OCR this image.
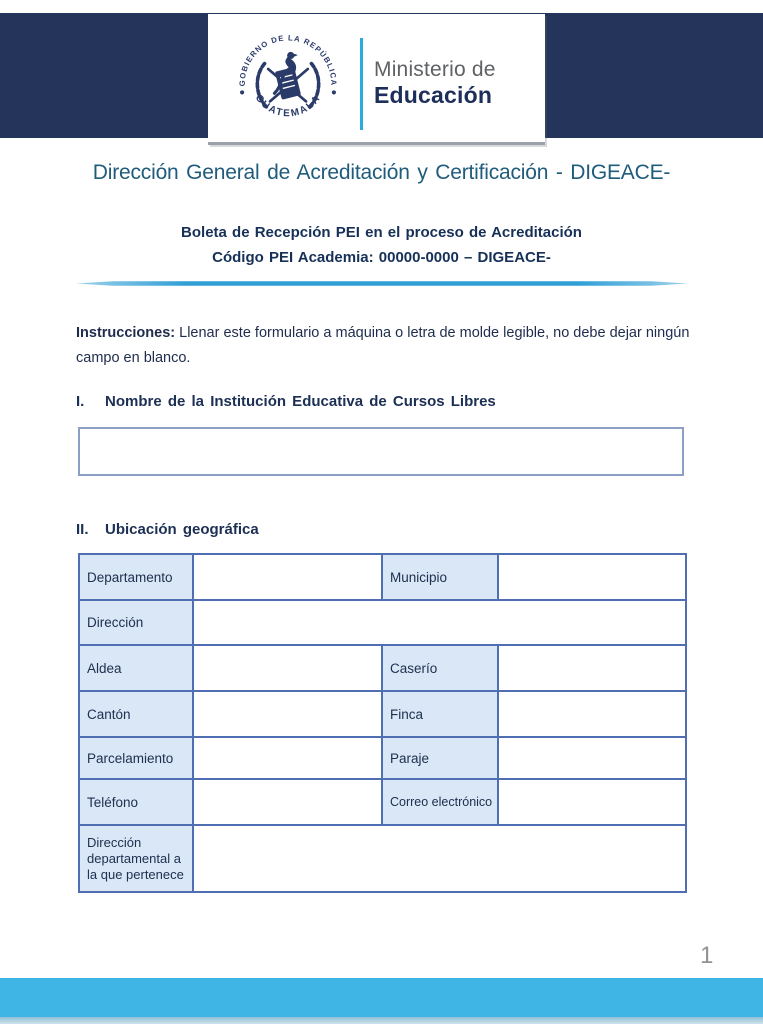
GOBIERNO DE LA REPÚBLICA
GUATEMALA
Ministerio de
Educación
Dirección General de Acreditación y Certificación - DIGEACE-
Boleta de Recepción PEI en el proceso de Acreditación
Código PEI Academia: 00000-0000 – DIGEACE-

Instrucciones: Llenar este formulario a máquina o letra de molde legible, no debe dejar ningún campo en blanco.

I. Nombre de la Institución Educativa de Cursos Libres
II. Ubicación geográfica
Departamento		Municipio	
Dirección			
Aldea		Caserío	
Cantón		Finca	
Parcelamiento		Paraje	
Teléfono		Correo electrónico	
Dirección departamental a la que pertenece			
1
